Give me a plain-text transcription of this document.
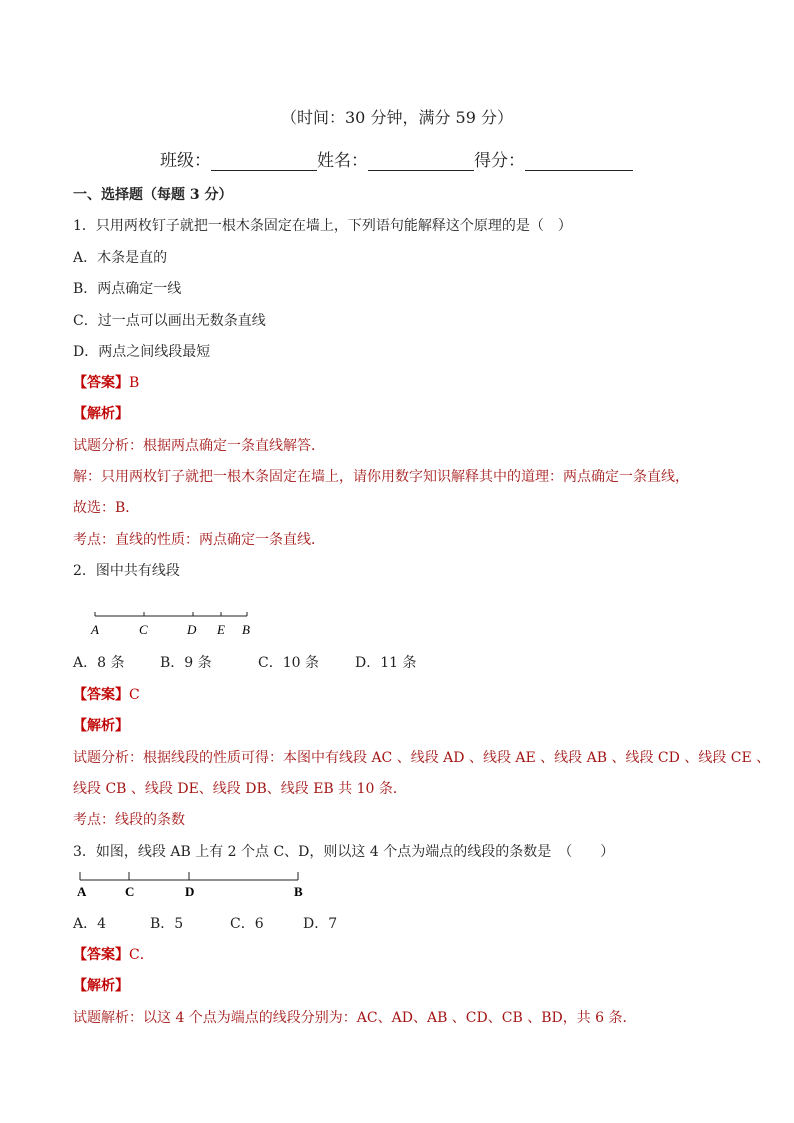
（时间：30 分钟，满分 59 分）
班级：	姓名：	得分：
一、选择题（每题 3 分）
1．只用两枚钉子就把一根木条固定在墙上，下列语句能解释这个原理的是（　）
A．木条是直的
B．两点确定一线
C．过一点可以画出无数条直线
D．两点之间线段最短
【答案】B
【解析】
试题分析：根据两点确定一条直线解答．
解：只用两枚钉子就把一根木条固定在墙上，请你用数字知识解释其中的道理：两点确定一条直线，
故选：B．
考点：直线的性质：两点确定一条直线．
2．图中共有线段
A	C	D E B
A．8 条	B．9 条	C．10 条	D．11 条
【答案】C
【解析】
试题分析：根据线段的性质可得：本图中有线段 AC 、线段 AD 、线段 AE 、线段 AB 、线段 CD 、线段 CE 、
线段 CB 、线段 DE、线段 DB、线段 EB 共 10 条．
考点：线段的条数
3．如图，线段 AB 上有 2 个点 C、D，则以这 4 个点为端点的线段的条数是　（　　）
A	C	D	B
A．4	B．5	C．6	D．7
【答案】C．
【解析】
试题解析：以这 4 个点为端点的线段分别为：AC、AD、AB 、CD、CB 、BD，共 6 条．
